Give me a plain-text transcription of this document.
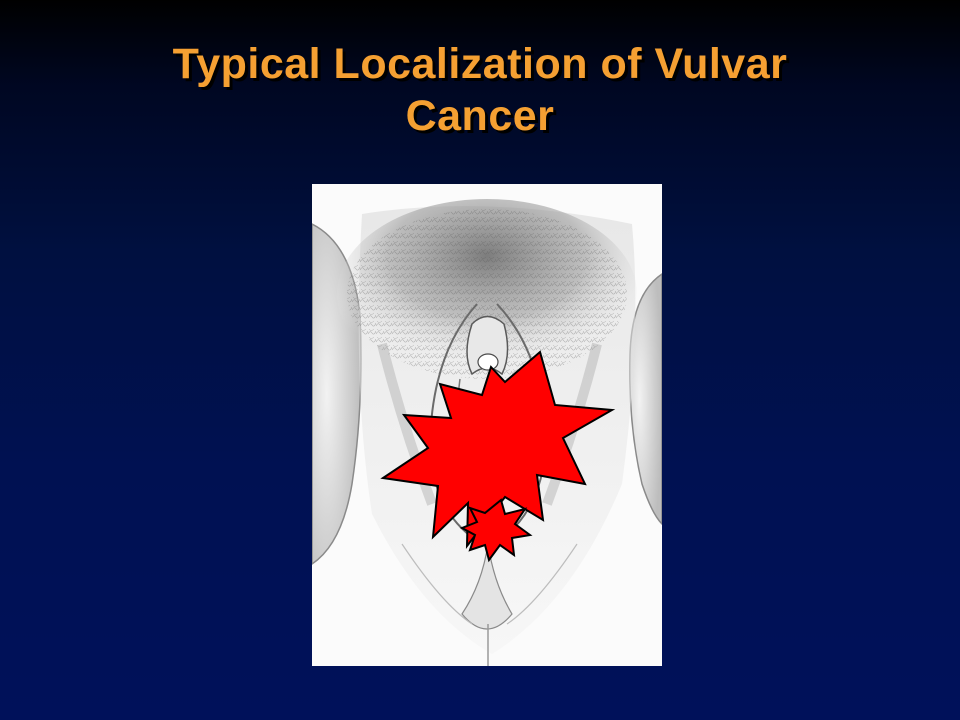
Typical Localization of Vulvar
Cancer
